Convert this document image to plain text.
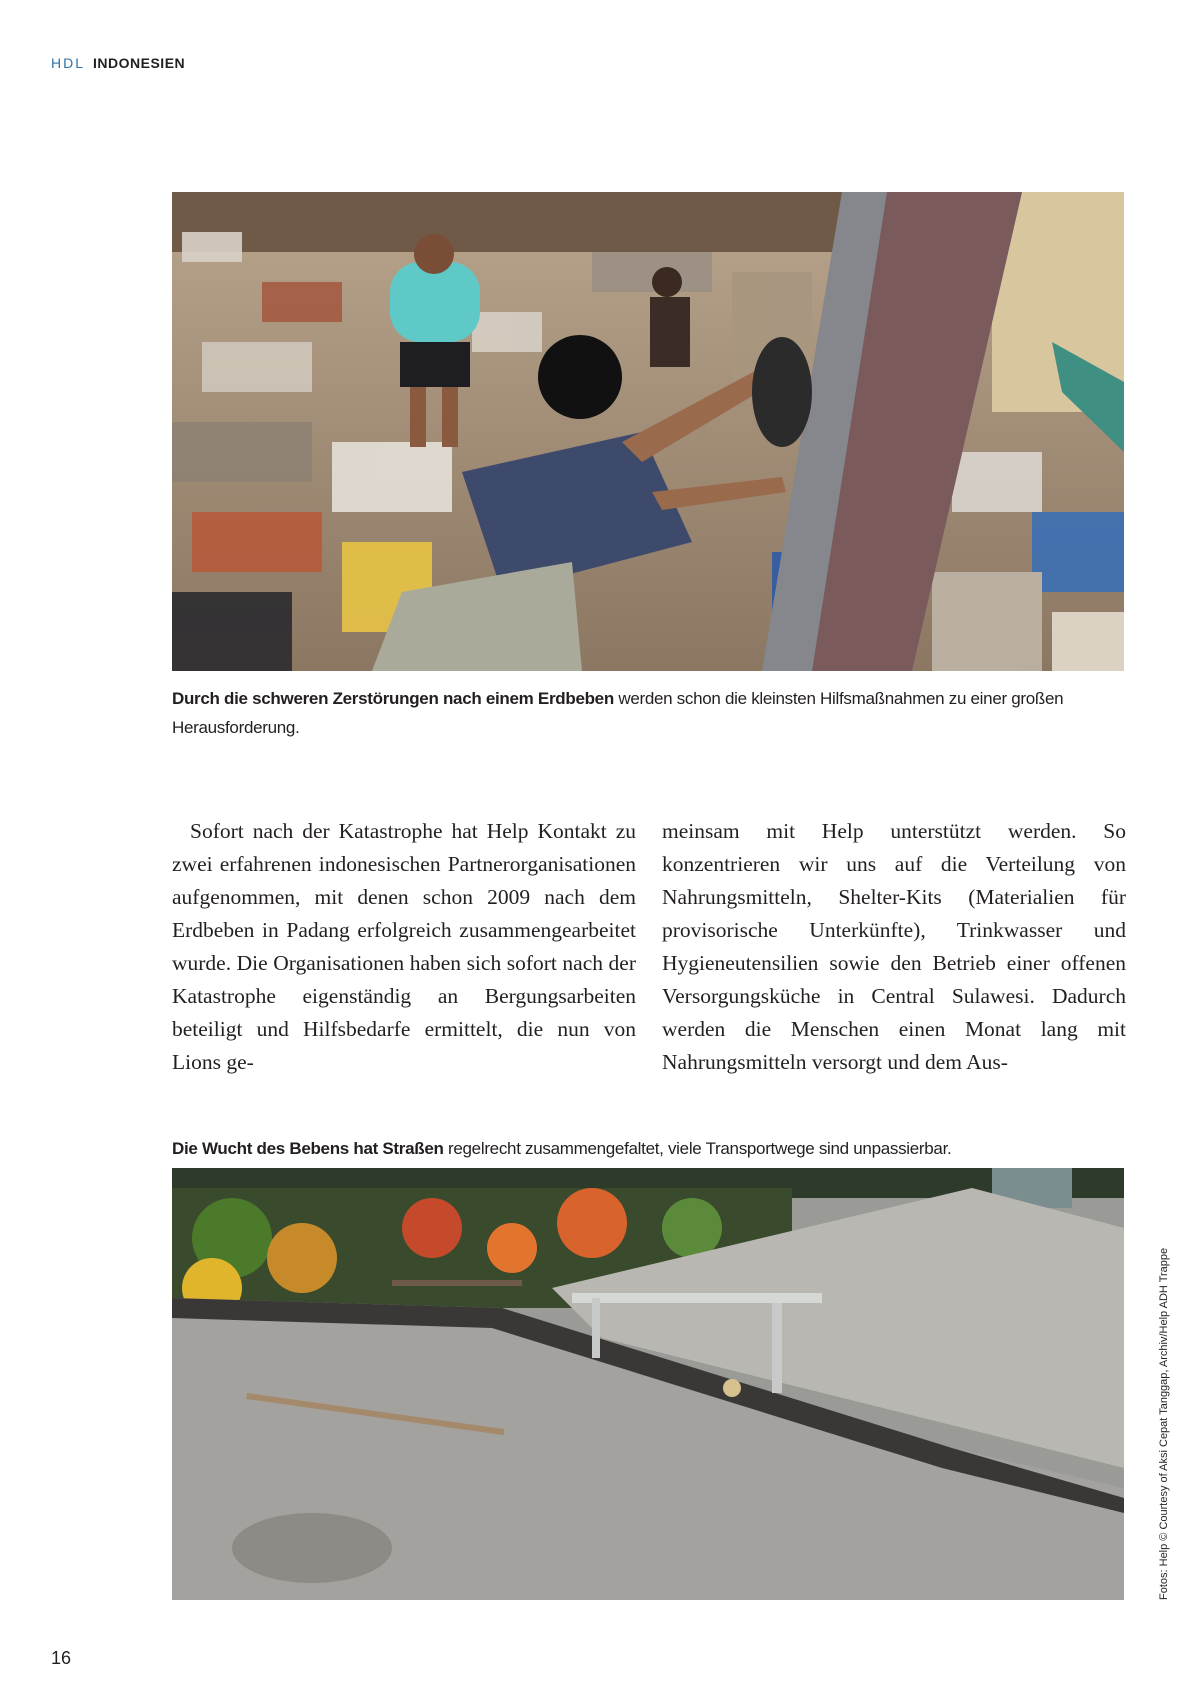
HDL INDONESIEN
Durch die schweren Zerstörungen nach einem Erdbeben werden schon die kleinsten Hilfsmaßnahmen zu einer großen Herausforderung.

Sofort nach der Katastrophe hat Help Kontakt zu zwei erfahrenen indonesischen Partnerorganisationen aufgenommen, mit denen schon 2009 nach dem Erdbeben in Padang erfolgreich zusammengearbeitet wurde. Die Organisationen haben sich sofort nach der Katastrophe eigenständig an Bergungsarbeiten beteiligt und Hilfsbedarfe ermittelt, die nun von Lions ge-

meinsam mit Help unterstützt werden. So konzentrieren wir uns auf die Verteilung von Nahrungsmitteln, Shelter-Kits (Materialien für provisorische Unterkünfte), Trinkwasser und Hygieneutensilien sowie den Betrieb einer offenen Versorgungsküche in Central Sulawesi. Dadurch werden die Menschen einen Monat lang mit Nahrungsmitteln versorgt und dem Aus-

Die Wucht des Bebens hat Straßen regelrecht zusammengefaltet, viele Transportwege sind unpassierbar.
Fotos: Help © Courtesy of Aksi Cepat Tanggap, Archiv/Help ADH Trappe
16
